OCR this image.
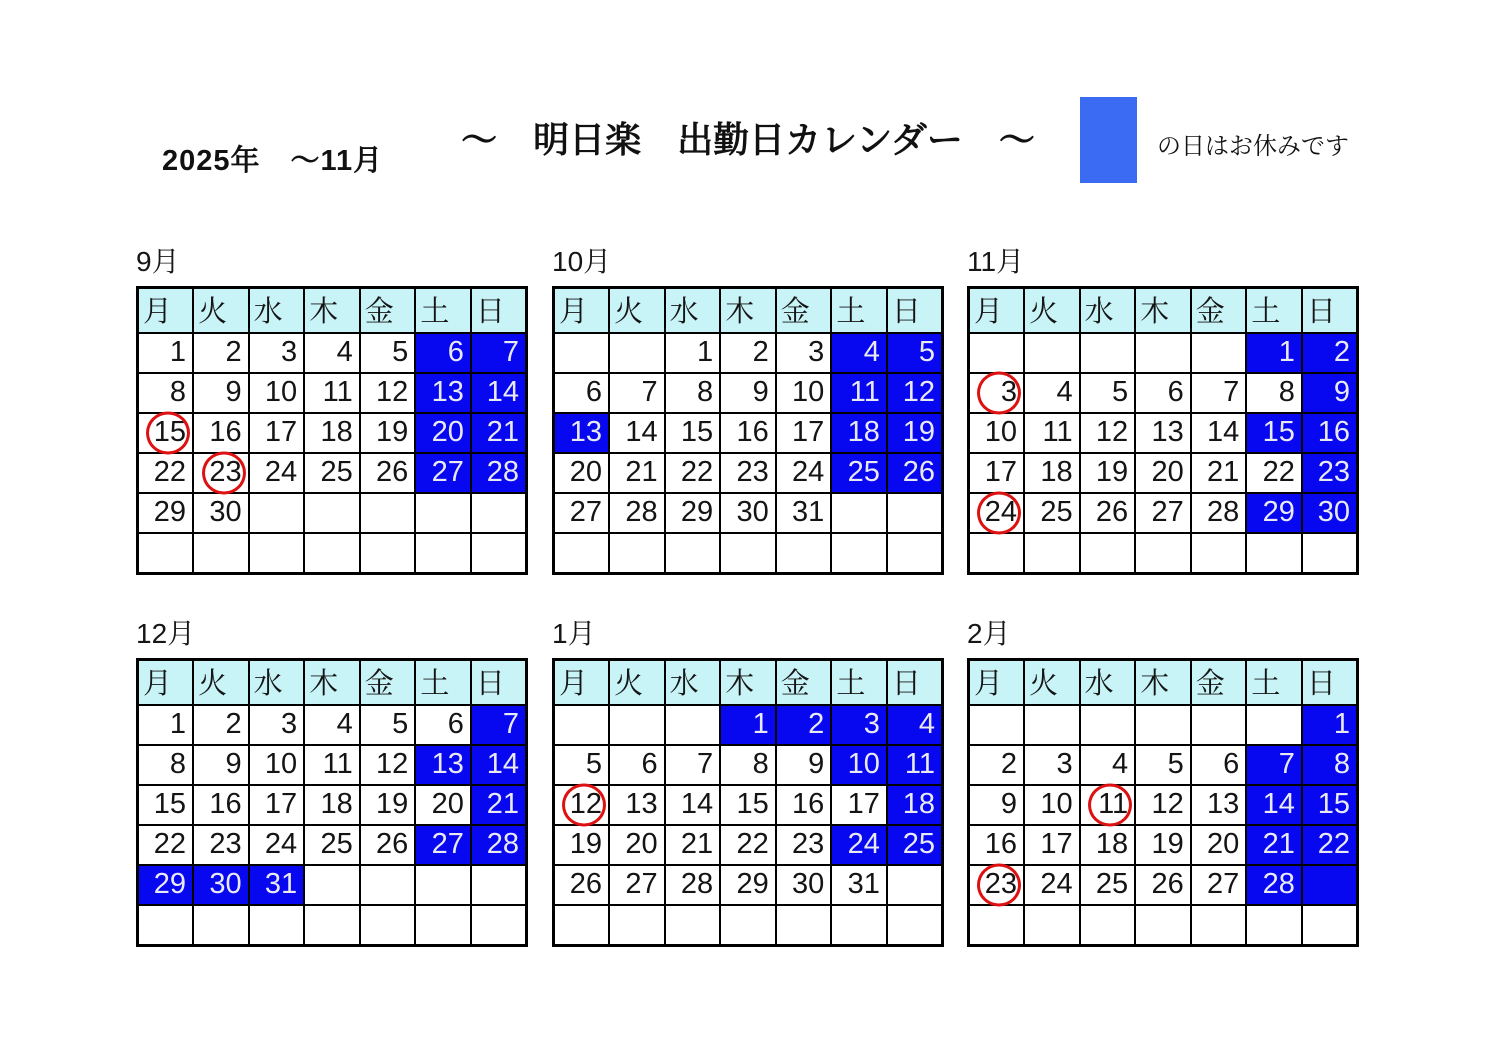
2025年　～11月
～　明日楽　出勤日カレンダー　～	の日はお休みです
9月
月	火	水	木	金	土	日
1	2	3	4	5	6	7
8	9	10	11	12	13	14
15	16	17	18	19	20	21
22	23	24	25	26	27	28
29	30					

10月
月	火	水	木	金	土	日
		1	2	3	4	5
6	7	8	9	10	11	12
13	14	15	16	17	18	19
20	21	22	23	24	25	26
27	28	29	30	31		

11月
月	火	水	木	金	土	日
					1	2
3	4	5	6	7	8	9
10	11	12	13	14	15	16
17	18	19	20	21	22	23
24	25	26	27	28	29	30

12月
月	火	水	木	金	土	日
1	2	3	4	5	6	7
8	9	10	11	12	13	14
15	16	17	18	19	20	21
22	23	24	25	26	27	28
29	30	31				

1月
月	火	水	木	金	土	日
			1	2	3	4
5	6	7	8	9	10	11
12	13	14	15	16	17	18
19	20	21	22	23	24	25
26	27	28	29	30	31	

2月
月	火	水	木	金	土	日
						1
2	3	4	5	6	7	8
9	10	11	12	13	14	15
16	17	18	19	20	21	22
23	24	25	26	27	28	
